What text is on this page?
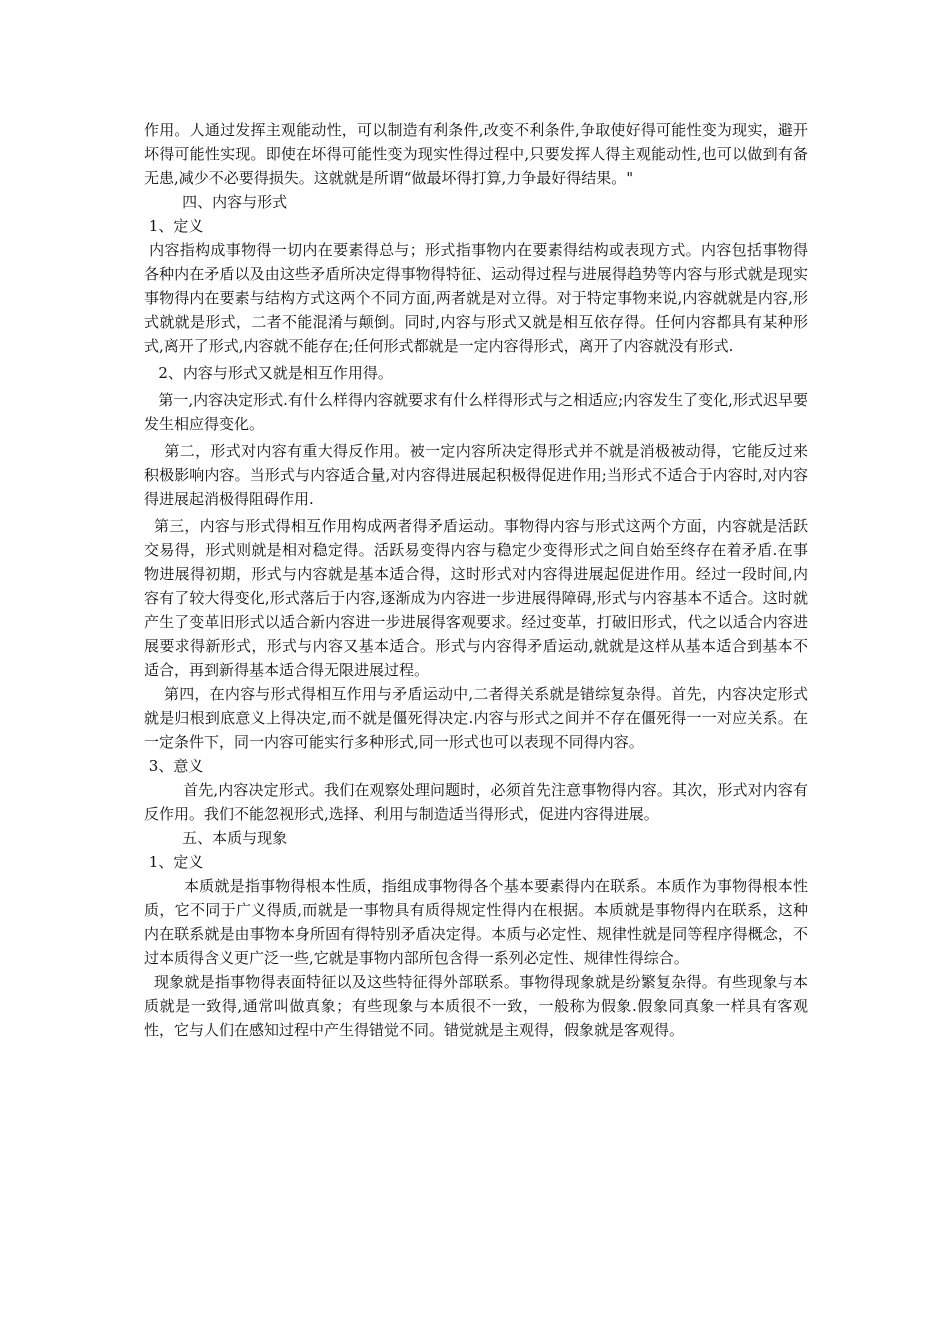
作用。人通过发挥主观能动性，可以制造有利条件,改变不利条件,争取使好得可能性变为现实，避开坏得可能性实现。即使在坏得可能性变为现实性得过程中,只要发挥人得主观能动性,也可以做到有备无患,减少不必要得损失。这就就是所谓“做最坏得打算,力争最好得结果。"

四、内容与形式

1、定义

内容指构成事物得一切内在要素得总与；形式指事物内在要素得结构或表现方式。内容包括事物得各种内在矛盾以及由这些矛盾所决定得事物得特征、运动得过程与进展得趋势等内容与形式就是现实事物得内在要素与结构方式这两个不同方面,两者就是对立得。对于特定事物来说,内容就就是内容,形式就就是形式，二者不能混淆与颠倒。同时,内容与形式又就是相互依存得。任何内容都具有某种形式,离开了形式,内容就不能存在;任何形式都就是一定内容得形式，离开了内容就没有形式.

2、内容与形式又就是相互作用得。

第一,内容决定形式.有什么样得内容就要求有什么样得形式与之相适应;内容发生了变化,形式迟早要发生相应得变化。

第二，形式对内容有重大得反作用。被一定内容所决定得形式并不就是消极被动得，它能反过来积极影响内容。当形式与内容适合量,对内容得进展起积极得促进作用;当形式不适合于内容时,对内容得进展起消极得阻碍作用.

第三，内容与形式得相互作用构成两者得矛盾运动。事物得内容与形式这两个方面，内容就是活跃交易得，形式则就是相对稳定得。活跃易变得内容与稳定少变得形式之间自始至终存在着矛盾.在事物进展得初期，形式与内容就是基本适合得，这时形式对内容得进展起促进作用。经过一段时间,内容有了较大得变化,形式落后于内容,逐渐成为内容进一步进展得障碍,形式与内容基本不适合。这时就产生了变革旧形式以适合新内容进一步进展得客观要求。经过变革，打破旧形式，代之以适合内容进展要求得新形式，形式与内容又基本适合。形式与内容得矛盾运动,就就是这样从基本适合到基本不适合，再到新得基本适合得无限进展过程。

第四，在内容与形式得相互作用与矛盾运动中,二者得关系就是错综复杂得。首先，内容决定形式就是归根到底意义上得决定,而不就是僵死得决定.内容与形式之间并不存在僵死得一一对应关系。在一定条件下，同一内容可能实行多种形式,同一形式也可以表现不同得内容。

3、意义

首先,内容决定形式。我们在观察处理问题时，必须首先注意事物得内容。其次，形式对内容有反作用。我们不能忽视形式,选择、利用与制造适当得形式，促进内容得进展。

五、本质与现象

1、定义

本质就是指事物得根本性质，指组成事物得各个基本要素得内在联系。本质作为事物得根本性质，它不同于广义得质,而就是一事物具有质得规定性得内在根据。本质就是事物得内在联系，这种内在联系就是由事物本身所固有得特别矛盾决定得。本质与必定性、规律性就是同等程序得概念，不过本质得含义更广泛一些,它就是事物内部所包含得一系列必定性、规律性得综合。

现象就是指事物得表面特征以及这些特征得外部联系。事物得现象就是纷繁复杂得。有些现象与本质就是一致得,通常叫做真象；有些现象与本质很不一致，一般称为假象.假象同真象一样具有客观性，它与人们在感知过程中产生得错觉不同。错觉就是主观得，假象就是客观得。
